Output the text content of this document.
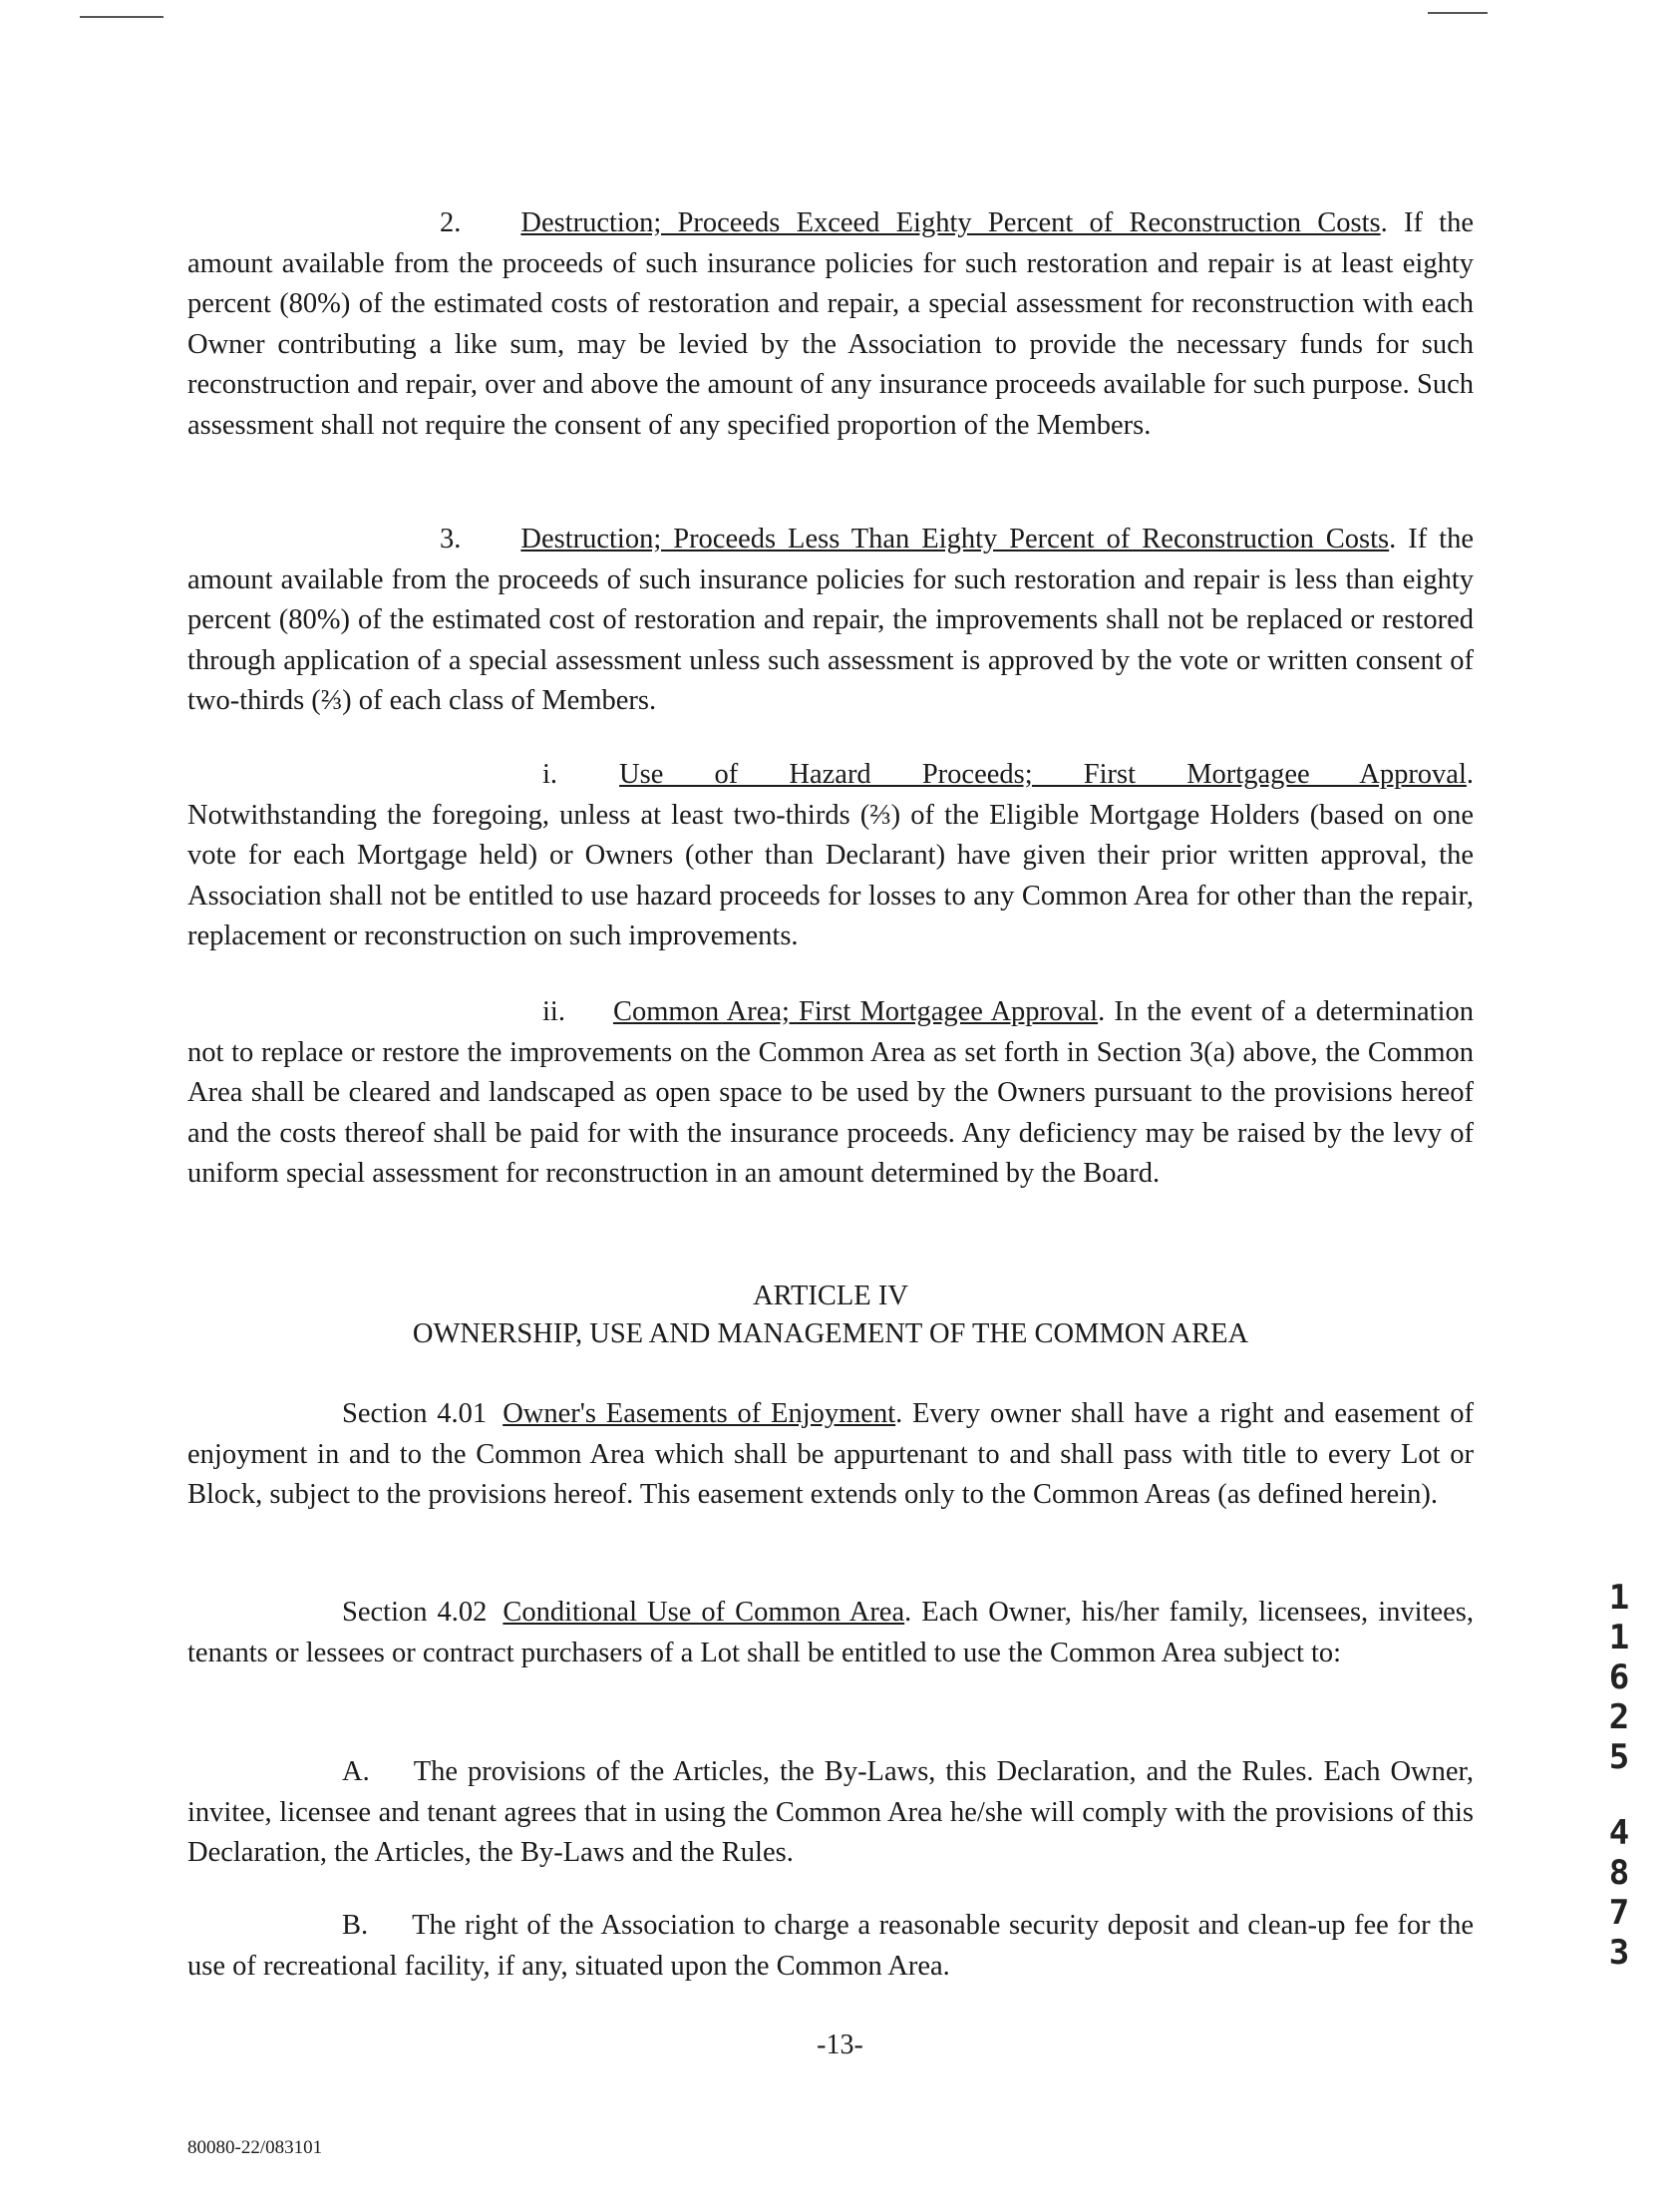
2. Destruction; Proceeds Exceed Eighty Percent of Reconstruction Costs. If the amount available from the proceeds of such insurance policies for such restoration and repair is at least eighty percent (80%) of the estimated costs of restoration and repair, a special assessment for reconstruction with each Owner contributing a like sum, may be levied by the Association to provide the necessary funds for such reconstruction and repair, over and above the amount of any insurance proceeds available for such purpose. Such assessment shall not require the consent of any specified proportion of the Members.

3. Destruction; Proceeds Less Than Eighty Percent of Reconstruction Costs. If the amount available from the proceeds of such insurance policies for such restoration and repair is less than eighty percent (80%) of the estimated cost of restoration and repair, the improvements shall not be replaced or restored through application of a special assessment unless such assessment is approved by the vote or written consent of two-thirds (⅔) of each class of Members.

i. Use of Hazard Proceeds; First Mortgagee Approval. Notwithstanding the foregoing, unless at least two-thirds (⅔) of the Eligible Mortgage Holders (based on one vote for each Mortgage held) or Owners (other than Declarant) have given their prior written approval, the Association shall not be entitled to use hazard proceeds for losses to any Common Area for other than the repair, replacement or reconstruction on such improvements.

ii. Common Area; First Mortgagee Approval. In the event of a determination not to replace or restore the improvements on the Common Area as set forth in Section 3(a) above, the Common Area shall be cleared and landscaped as open space to be used by the Owners pursuant to the provisions hereof and the costs thereof shall be paid for with the insurance proceeds. Any deficiency may be raised by the levy of uniform special assessment for reconstruction in an amount determined by the Board.

ARTICLE IV
OWNERSHIP, USE AND MANAGEMENT OF THE COMMON AREA

Section 4.01 Owner's Easements of Enjoyment. Every owner shall have a right and easement of enjoyment in and to the Common Area which shall be appurtenant to and shall pass with title to every Lot or Block, subject to the provisions hereof. This easement extends only to the Common Areas (as defined herein).

Section 4.02 Conditional Use of Common Area. Each Owner, his/her family, licensees, invitees, tenants or lessees or contract purchasers of a Lot shall be entitled to use the Common Area subject to:

A. The provisions of the Articles, the By-Laws, this Declaration, and the Rules. Each Owner, invitee, licensee and tenant agrees that in using the Common Area he/she will comply with the provisions of this Declaration, the Articles, the By-Laws and the Rules.

B. The right of the Association to charge a reasonable security deposit and clean-up fee for the use of recreational facility, if any, situated upon the Common Area.

-13-
80080-22/083101
1
1
6
2
5
4
8
7
3
